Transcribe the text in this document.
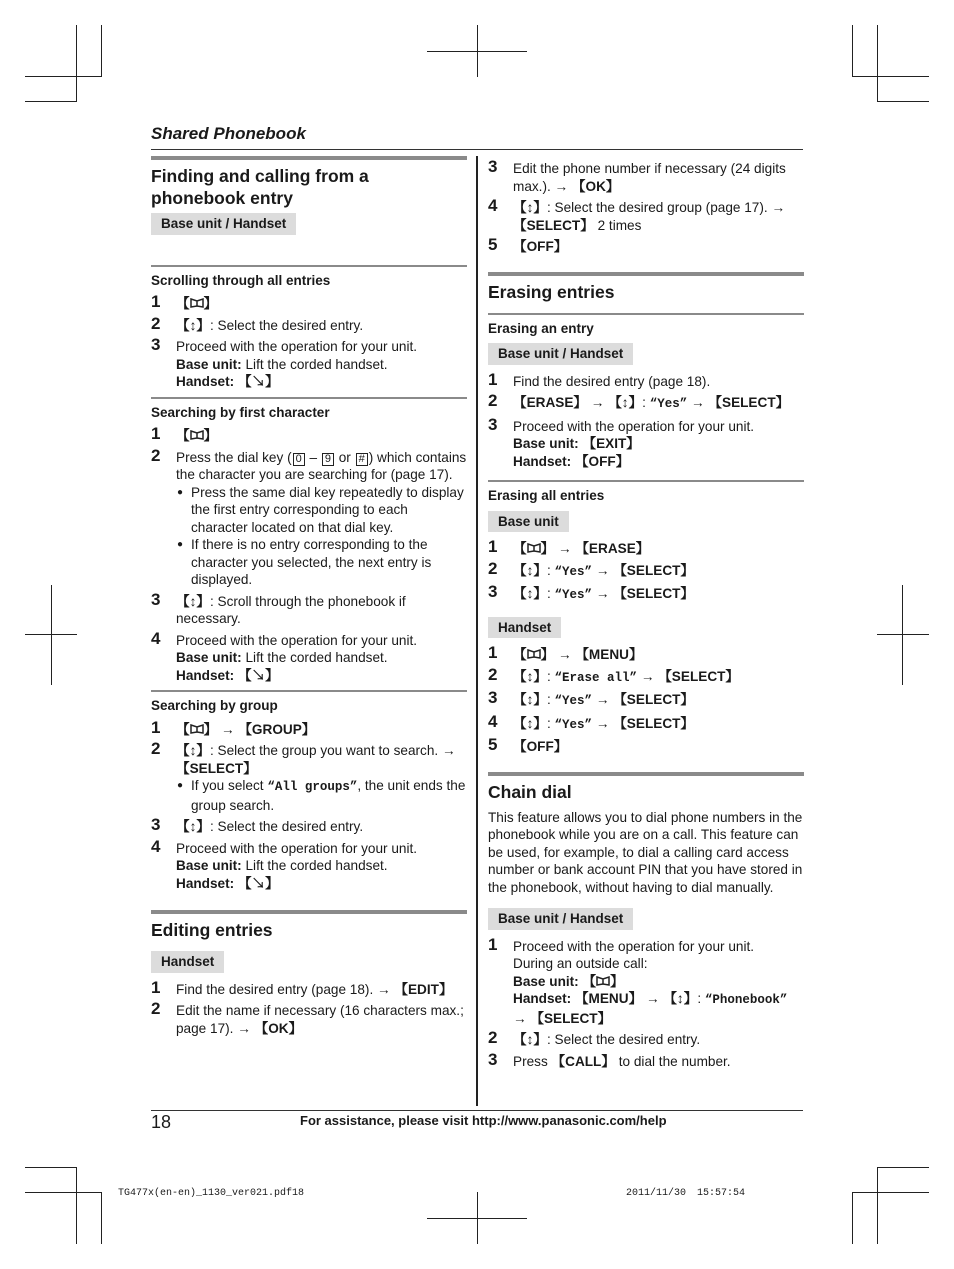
Shared Phonebook
Finding and calling from a phonebook entry
Base unit / Handset
Scrolling through all entries
1 【 】
2 【↕】: Select the desired entry.
3 Proceed with the operation for your unit.
Base unit: Lift the corded handset.
Handset: 【↘】
Searching by first character
1 【 】
2 Press the dial key ( 0 – 9 or # ) which contains the character you are searching for (page 17).
● Press the same dial key repeatedly to display the first entry corresponding to each character located on that dial key.
● If there is no entry corresponding to the character you selected, the next entry is displayed.
3 【↕】: Scroll through the phonebook if necessary.
4 Proceed with the operation for your unit.
Base unit: Lift the corded handset.
Handset: 【↘】
Searching by group
1 【 】 → 【GROUP】
2 【↕】: Select the group you want to search. →
【SELECT】
● If you select “All groups”, the unit ends the group search.
3 【↕】: Select the desired entry.
4 Proceed with the operation for your unit.
Base unit: Lift the corded handset.
Handset: 【↘】
Editing entries
Handset
1 Find the desired entry (page 18). → 【EDIT】
2 Edit the name if necessary (16 characters max.; page 17). → 【OK】
3 Edit the phone number if necessary (24 digits max.). → 【OK】
4 【↕】: Select the desired group (page 17). →
【SELECT】 2 times
5 【OFF】
Erasing entries
Erasing an entry
Base unit / Handset
1 Find the desired entry (page 18).
2 【ERASE】 → 【↕】: “Yes” → 【SELECT】
3 Proceed with the operation for your unit.
Base unit: 【EXIT】
Handset: 【OFF】
Erasing all entries
Base unit
1 【 】 → 【ERASE】
2 【↕】: “Yes” → 【SELECT】
3 【↕】: “Yes” → 【SELECT】
Handset
1 【 】 → 【MENU】
2 【↕】: “Erase all” → 【SELECT】
3 【↕】: “Yes” → 【SELECT】
4 【↕】: “Yes” → 【SELECT】
5 【OFF】
Chain dial
This feature allows you to dial phone numbers in the phonebook while you are on a call. This feature can be used, for example, to dial a calling card access number or bank account PIN that you have stored in the phonebook, without having to dial manually.
Base unit / Handset
1 Proceed with the operation for your unit.
During an outside call:
Base unit: 【 】
Handset: 【MENU】 → 【↕】: “Phonebook”
→ 【SELECT】
2 【↕】: Select the desired entry.
3 Press 【CALL】 to dial the number.
18	For assistance, please visit http://www.panasonic.com/help
TG477x(en-en)_1130_ver021.pdf 18	2011/11/30 15:57:54
